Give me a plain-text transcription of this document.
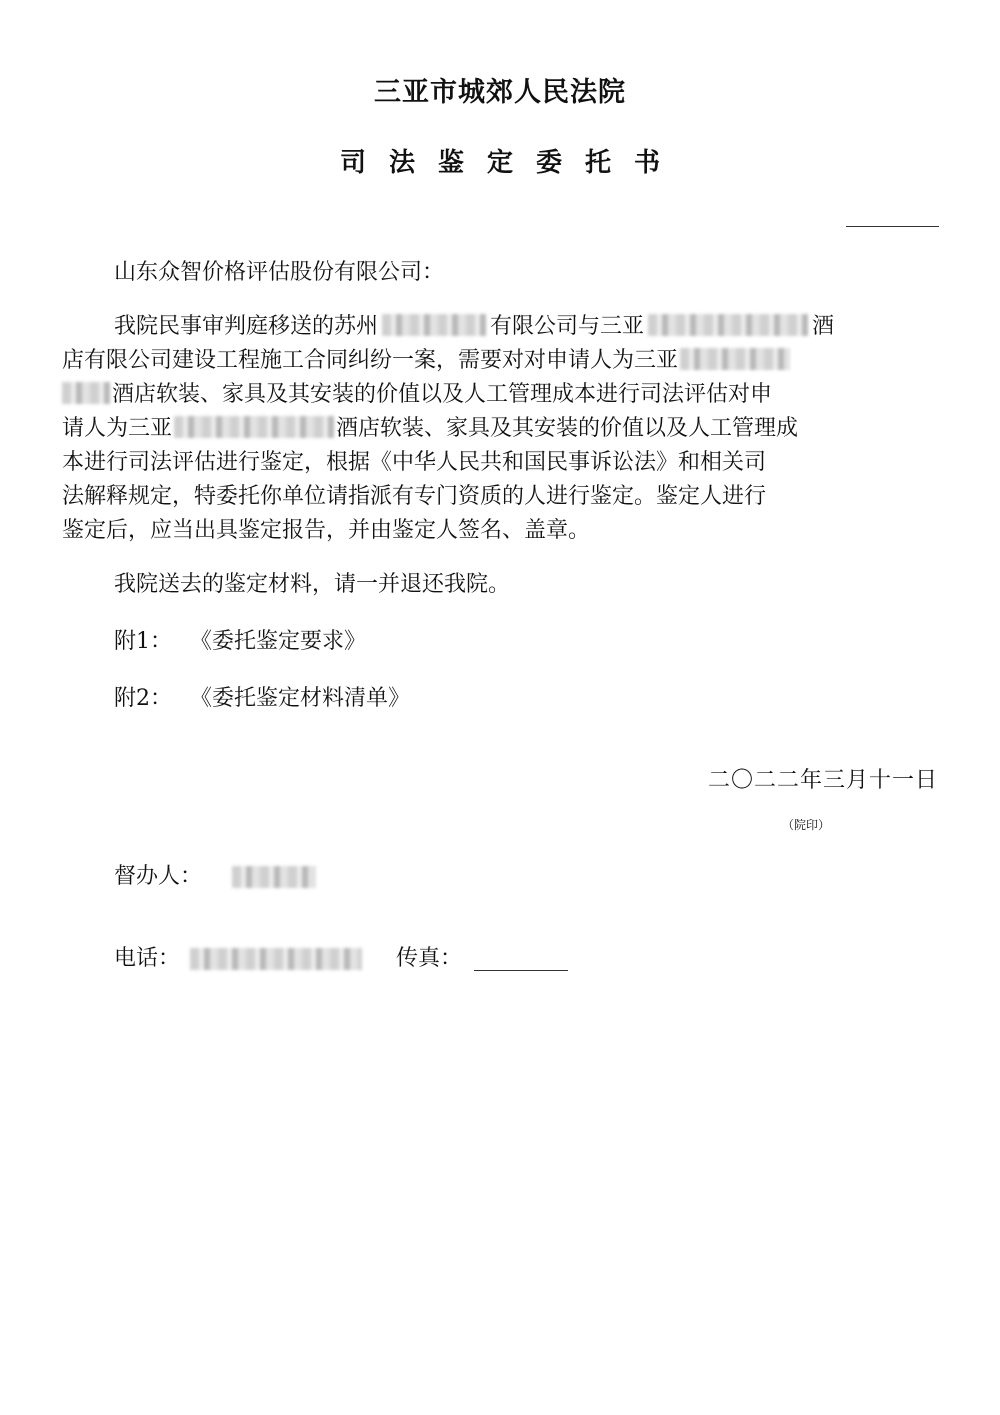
三亚市城郊人民法院
司法鉴定委托书
山东众智价格评估股份有限公司：
我院民事审判庭移送的苏州	有限公司与三亚	酒
店有限公司建设工程施工合同纠纷一案，需要对对申请人为三亚
酒店软装、家具及其安装的价值以及人工管理成本进行司法评估对申
请人为三亚	酒店软装、家具及其安装的价值以及人工管理成
本进行司法评估进行鉴定，根据《中华人民共和国民事诉讼法》和相关司
法解释规定，特委托你单位请指派有专门资质的人进行鉴定。鉴定人进行
鉴定后，应当出具鉴定报告，并由鉴定人签名、盖章。
我院送去的鉴定材料，请一并退还我院。
附1： 《委托鉴定要求》
附2： 《委托鉴定材料清单》
二〇二二年三月十一日
（院印）
督办人：
电话：	传真：
